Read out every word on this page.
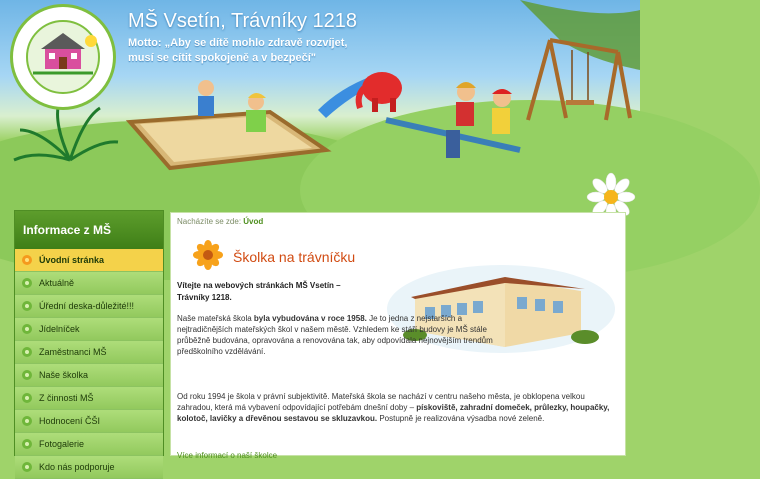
MŠ Vsetín, Trávníky 1218
Motto: „Aby se dítě mohlo zdravě rozvíjet,
musí se cítit spokojeně a v bezpečí"
Informace z MŠ
Úvodní stránka
Aktuálně
Úřední deska-důležité!!!
Jídelníček
Zaměstnanci MŠ
Naše školka
Z činnosti MŠ
Hodnocení ČŠI
Fotogalerie
Kdo nás podporuje
Nacházíte se zde: Úvod
Školka na trávníčku
Vítejte na webových stránkách MŠ Vsetín – Trávníky 1218.
Naše mateřská škola byla vybudována v roce 1958. Je to jedna z nejstarších a nejtradičnějších mateřských škol v našem městě. Vzhledem ke stáří budovy je MŠ stále průběžně budována, opravována a renovována tak, aby odpovídala nejnovějším trendům předškolního vzdělávání.
Od roku 1994 je škola v právní subjektivitě. Mateřská škola se nachází v centru našeho města, je obklopena velkou zahradou, která má vybavení odpovídající potřebám dnešní doby – pískoviště, zahradní domeček, průlezky, houpačky, kolotoč, lavičky a dřevěnou sestavou se skluzavkou. Postupně je realizována výsadba nové zeleně.
Více informací o naší školce
